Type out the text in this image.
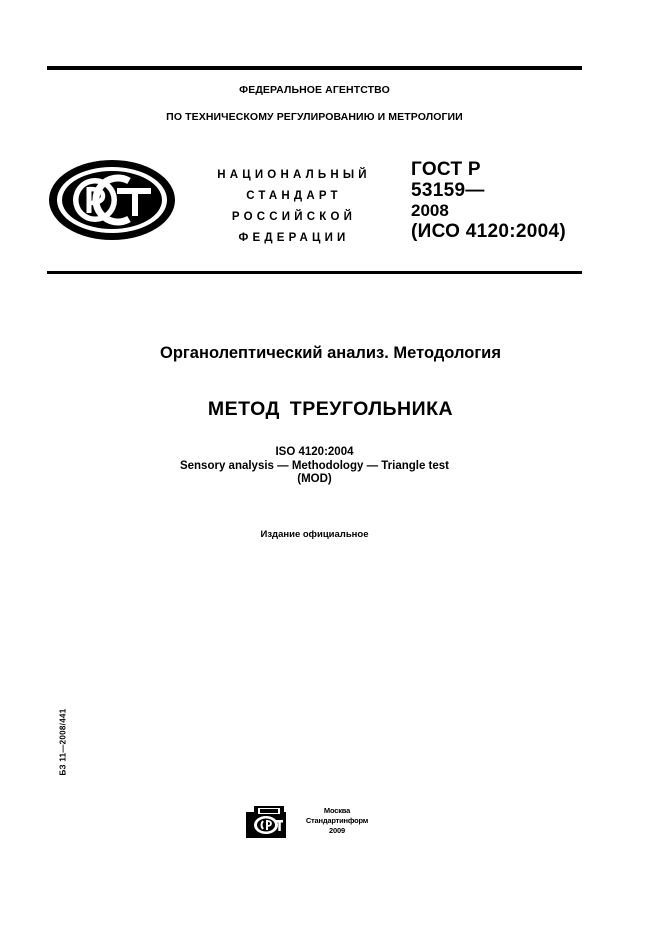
ФЕДЕРАЛЬНОЕ АГЕНТСТВО
ПО ТЕХНИЧЕСКОМУ РЕГУЛИРОВАНИЮ И МЕТРОЛОГИИ
НАЦИОНАЛЬНЫЙ
СТАНДАРТ
РОССИЙСКОЙ
ФЕДЕРАЦИИ
ГОСТ Р
53159—
2008
(ИСО 4120:2004)
Органолептический анализ. Методология
МЕТОД ТРЕУГОЛЬНИКА
ISO 4120:2004
Sensory analysis — Methodology — Triangle test
(MOD)
Издание официальное
БЗ 11—2008/441
Москва
Стандартинформ
2009
